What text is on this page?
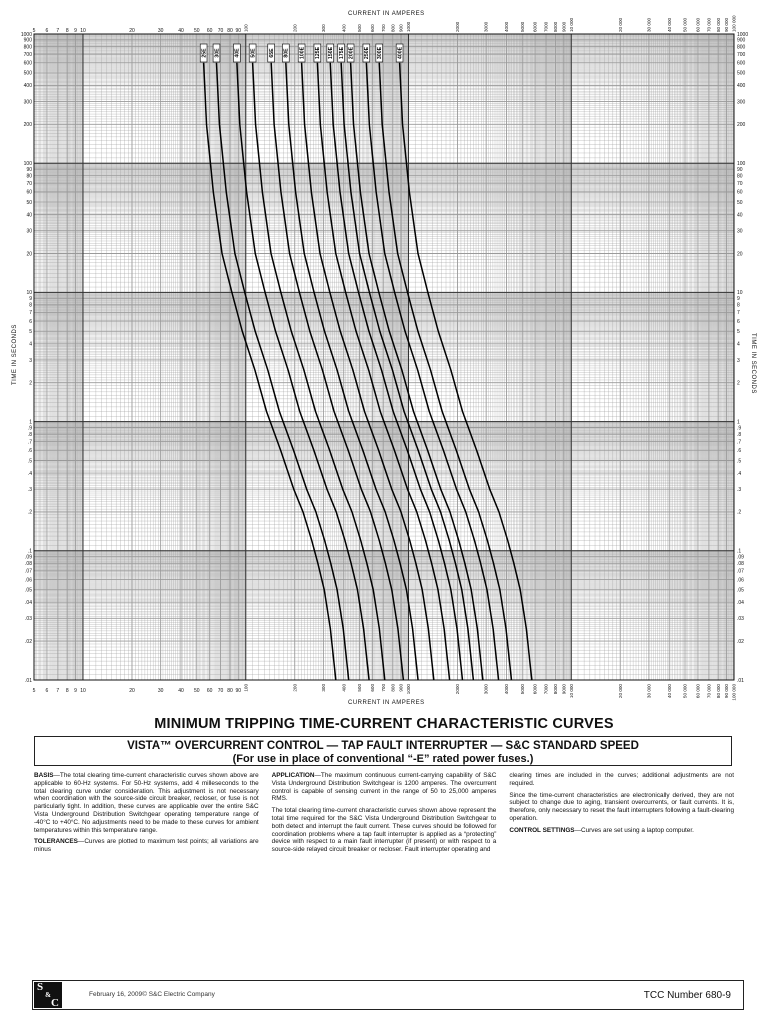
1000	1000
900	900
800	800
700	700
600	600
500	500
400	400
300	300
200	200
100	100
90	90
80	80
70	70
60	60
50	50
40	40
30	30
20	20
10	10
9	9
8	8
7	7
6	6
5	5
4	4
3	3
2	2
1	1
.9	.9
.8	.8
.7	.7
.6	.6
.5	.5
.4	.4
.3	.3
.2	.2
.1	.1
.09	.09
.08	.08
.07	.07
.06	.06
.05	.05
.04	.04
.03	.03
.02	.02
.01	.01
5
5
6
6
7
7
8
8
9
9
10
10
20
20
30
30
40
40
50
50
60
60
70
70
80
80
90
90
100
100
200
200
300
300
400
400
500
500
600
600
700
700
800
800
900
900
1000
1000
2000
2000
3000
3000
4000
4000
5000
5000
6000
6000
7000
7000
8000
8000
9000
9000
10 000
10 000
20 000
20 000
30 000
30 000
40 000
40 000
50 000
50 000
60 000
60 000
70 000
70 000
80 000
80 000
90 000
90 000
100 000
100 000
25E 30E	40E 50E 65E 80E 100E 125E 150E 175E 200E 250E 300E	400E
CURRENT IN AMPERES
CURRENT IN AMPERES
TIME IN SECONDS	TIME IN SECONDS
MINIMUM TRIPPING TIME-CURRENT CHARACTERISTIC CURVES
VISTA™ OVERCURRENT CONTROL — TAP FAULT INTERRUPTER — S&C STANDARD SPEED
(For use in place of conventional “-E” rated power fuses.)

BASIS—The total clearing time-current characteristic curves shown above are applicable to 60-Hz systems. For 50-Hz systems, add 4 milleseconds to the total clearing curve under consideration. This adjustment is not necessary when coordination with the source-side circuit breaker, recloser, or fuse is not particularly tight. In addition, these curves are applicable over the entire S&C Vista Underground Distribution Switchgear operating temperature range of -40°C to +40°C. No adjustments need to be made to these curves for ambient temperatures within this temperature range.

TOLERANCES—Curves are plotted to maximum test points; all variations are minus

APPLICATION—The maximum continuous current-carrying capability of S&C Vista Underground Distribution Switchgear is 1200 amperes. The overcurrent control is capable of sensing current in the range of 50 to 25,000 amperes RMS.

The total clearing time-current characteristic curves shown above represent the total time required for the S&C Vista Underground Distribution Switchgear to both detect and interrupt the fault current. These curves should be followed for coordination problems where a tap fault interrupter is applied as a “protecting” device with respect to a main fault interrupter (if present) or with respect to a source-side relayed circuit breaker or recloser. Fault interrupter operating and

clearing times are included in the curves; additional adjustments are not required.

Since the time-current characteristics are electronically derived, they are not subject to change due to aging, transient overcurrents, or fault currents. It is, therefore, only necessary to reset the fault interrupters following a fault-clearing operation.

CONTROL SETTINGS—Curves are set using a laptop computer.

S
&
C
February 16, 2009© S&C Electric Company	TCC Number 680-9
